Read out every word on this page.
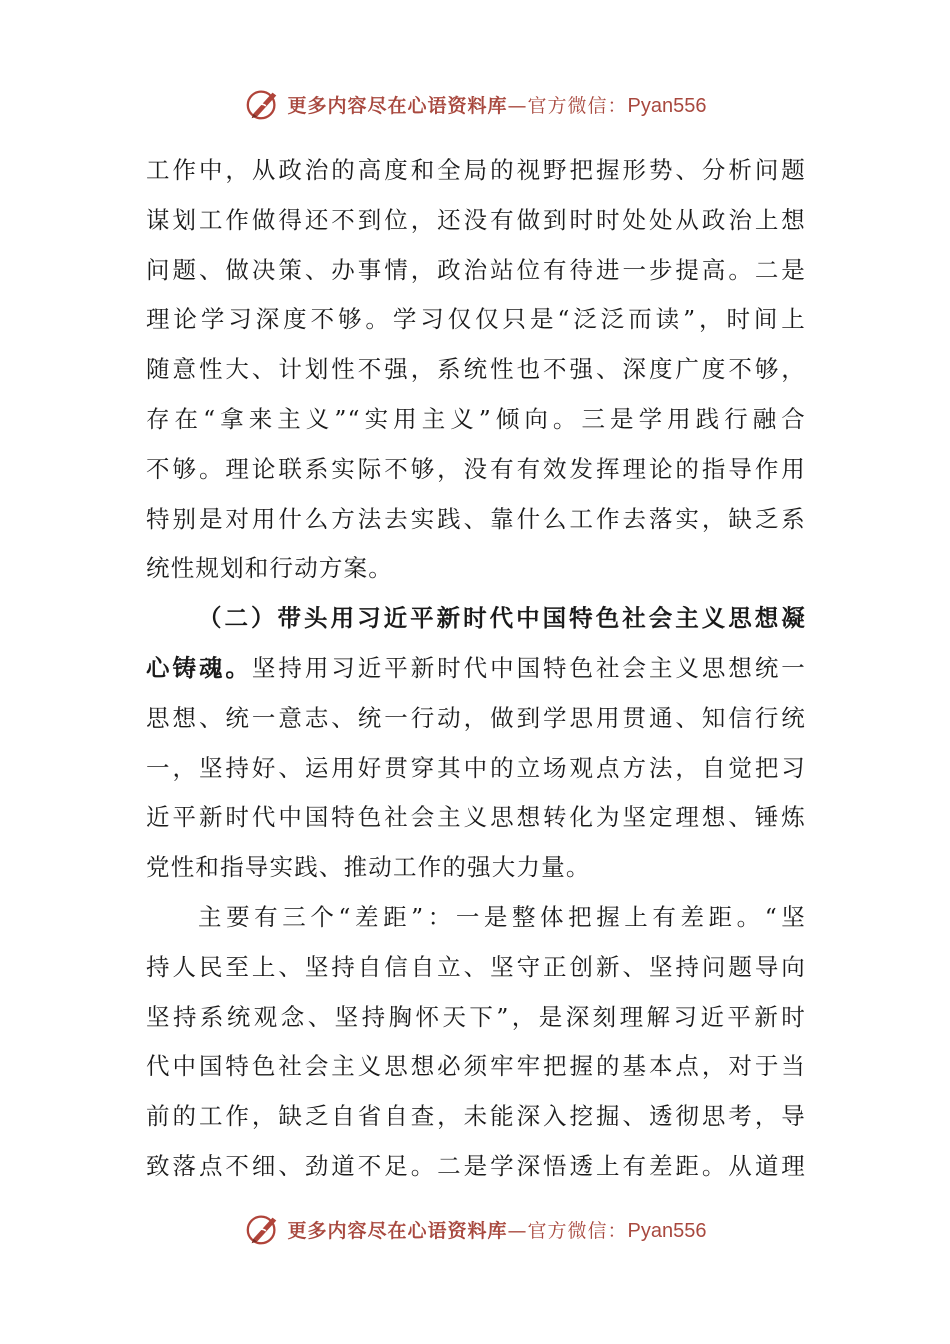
更多内容尽在心语资料库—官方微信：Pyan556
工作中，从政治的高度和全局的视野把握形势、分析问题
谋划工作做得还不到位，还没有做到时时处处从政治上想
问题、做决策、办事情，政治站位有待进一步提高。二是
理论学习深度不够。学习仅仅只是“泛泛而读”，时间上
随意性大、计划性不强，系统性也不强、深度广度不够，
存在“拿来主义”“实用主义”倾向。三是学用践行融合
不够。理论联系实际不够，没有有效发挥理论的指导作用
特别是对用什么方法去实践、靠什么工作去落实，缺乏系
统性规划和行动方案。
（二）带头用习近平新时代中国特色社会主义思想凝
心铸魂。坚持用习近平新时代中国特色社会主义思想统一
思想、统一意志、统一行动，做到学思用贯通、知信行统
一，坚持好、运用好贯穿其中的立场观点方法，自觉把习
近平新时代中国特色社会主义思想转化为坚定理想、锤炼
党性和指导实践、推动工作的强大力量。
主要有三个“差距”：一是整体把握上有差距。“坚
持人民至上、坚持自信自立、坚守正创新、坚持问题导向
坚持系统观念、坚持胸怀天下”，是深刻理解习近平新时
代中国特色社会主义思想必须牢牢把握的基本点，对于当
前的工作，缺乏自省自查，未能深入挖掘、透彻思考，导
致落点不细、劲道不足。二是学深悟透上有差距。从道理
更多内容尽在心语资料库—官方微信：Pyan556
